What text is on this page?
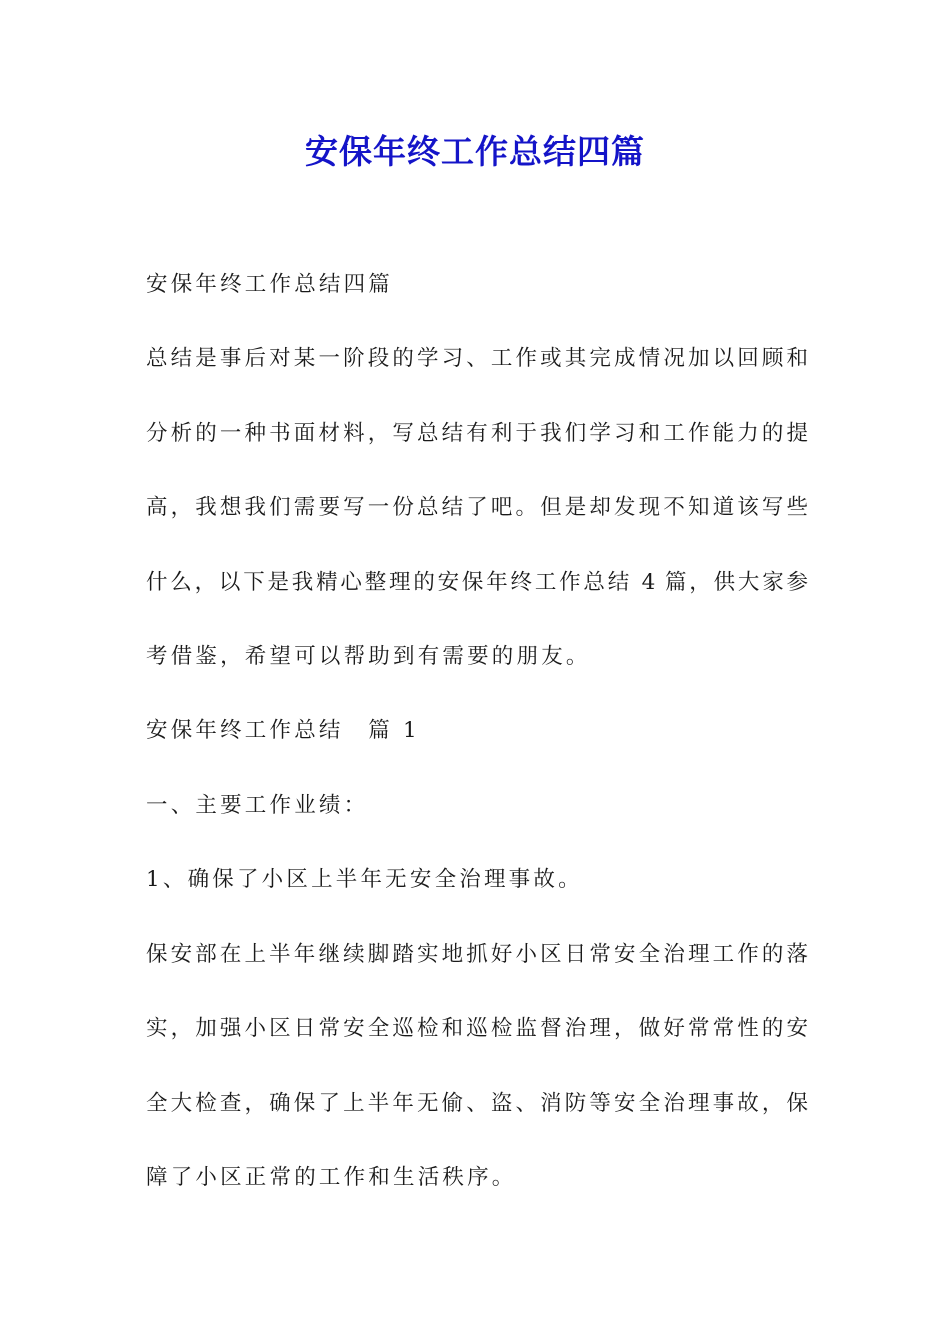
安保年终工作总结四篇
安保年终工作总结四篇
总结是事后对某一阶段的学习、工作或其完成情况加以回顾和
分析的一种书面材料，写总结有利于我们学习和工作能力的提
高，我想我们需要写一份总结了吧。但是却发现不知道该写些
什么，以下是我精心整理的安保年终工作总结 4 篇，供大家参
考借鉴，希望可以帮助到有需要的朋友。
安保年终工作总结　篇 1
一、主要工作业绩：
1、确保了小区上半年无安全治理事故。
保安部在上半年继续脚踏实地抓好小区日常安全治理工作的落
实，加强小区日常安全巡检和巡检监督治理，做好常常性的安
全大检查，确保了上半年无偷、盗、消防等安全治理事故，保
障了小区正常的工作和生活秩序。
